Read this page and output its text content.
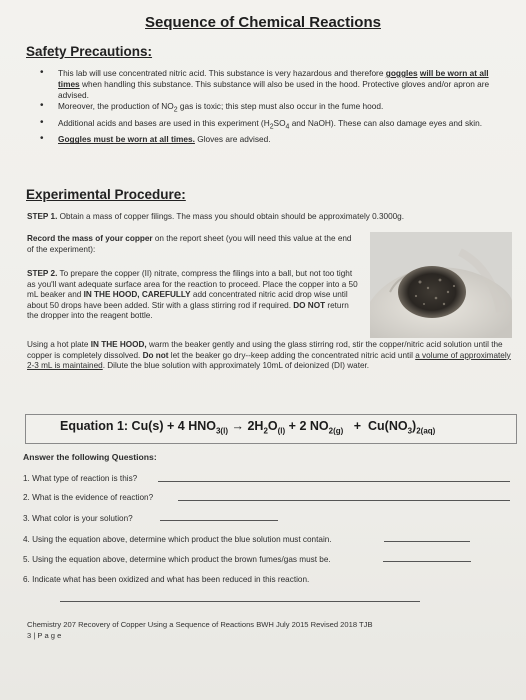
Sequence of Chemical Reactions
Safety Precautions:
• This lab will use concentrated nitric acid. This substance is very hazardous and therefore goggles will be worn at all times when handling this substance. This substance will also be used in the hood. Protective gloves and/or apron are advised.
• Moreover, the production of $NO_2$ gas is toxic; this step must also occur in the fume hood.
• Additional acids and bases are used in this experiment ($H_2SO_4$ and NaOH). These can also damage eyes and skin.
• Goggles must be worn at all times. Gloves are advised.
Experimental Procedure:
STEP 1. Obtain a mass of copper filings. The mass you should obtain should be approximately 0.3000g.
Record the mass of your copper on the report sheet (you will need this value at the end of the experiment):
STEP 2. To prepare the copper (II) nitrate, compress the filings into a ball, but not too tight as you'll want adequate surface area for the reaction to proceed. Place the copper into a 50 mL beaker and IN THE HOOD, CAREFULLY add concentrated nitric acid drop wise until about 50 drops have been added. Stir with a glass stirring rod if required. DO NOT return the dropper into the reagent bottle.
Using a hot plate IN THE HOOD, warm the beaker gently and using the glass stirring rod, stir the copper/nitric acid solution until the copper is completely dissolved. Do not let the beaker go dry--keep adding the concentrated nitric acid until a volume of approximately 2-3 mL is maintained. Dilute the blue solution with approximately 10mL of deionized (DI) water.
Equation 1: Cu(s) + 4 $HNO_{3(l)} \to 2H_2O_{(l)} + 2$ $NO_{2(g)} + Cu(NO_3)_{2(aq)}$
Answer the following Questions:
1. What type of reaction is this?
2. What is the evidence of reaction?
3. What color is your solution?
4. Using the equation above, determine which product the blue solution must contain.
5. Using the equation above, determine which product the brown fumes/gas must be.
6. Indicate what has been oxidized and what has been reduced in this reaction.
Chemistry 207 Recovery of Copper Using a Sequence of Reactions BWH July 2015 Revised 2018 TJB
3 | P a g e
